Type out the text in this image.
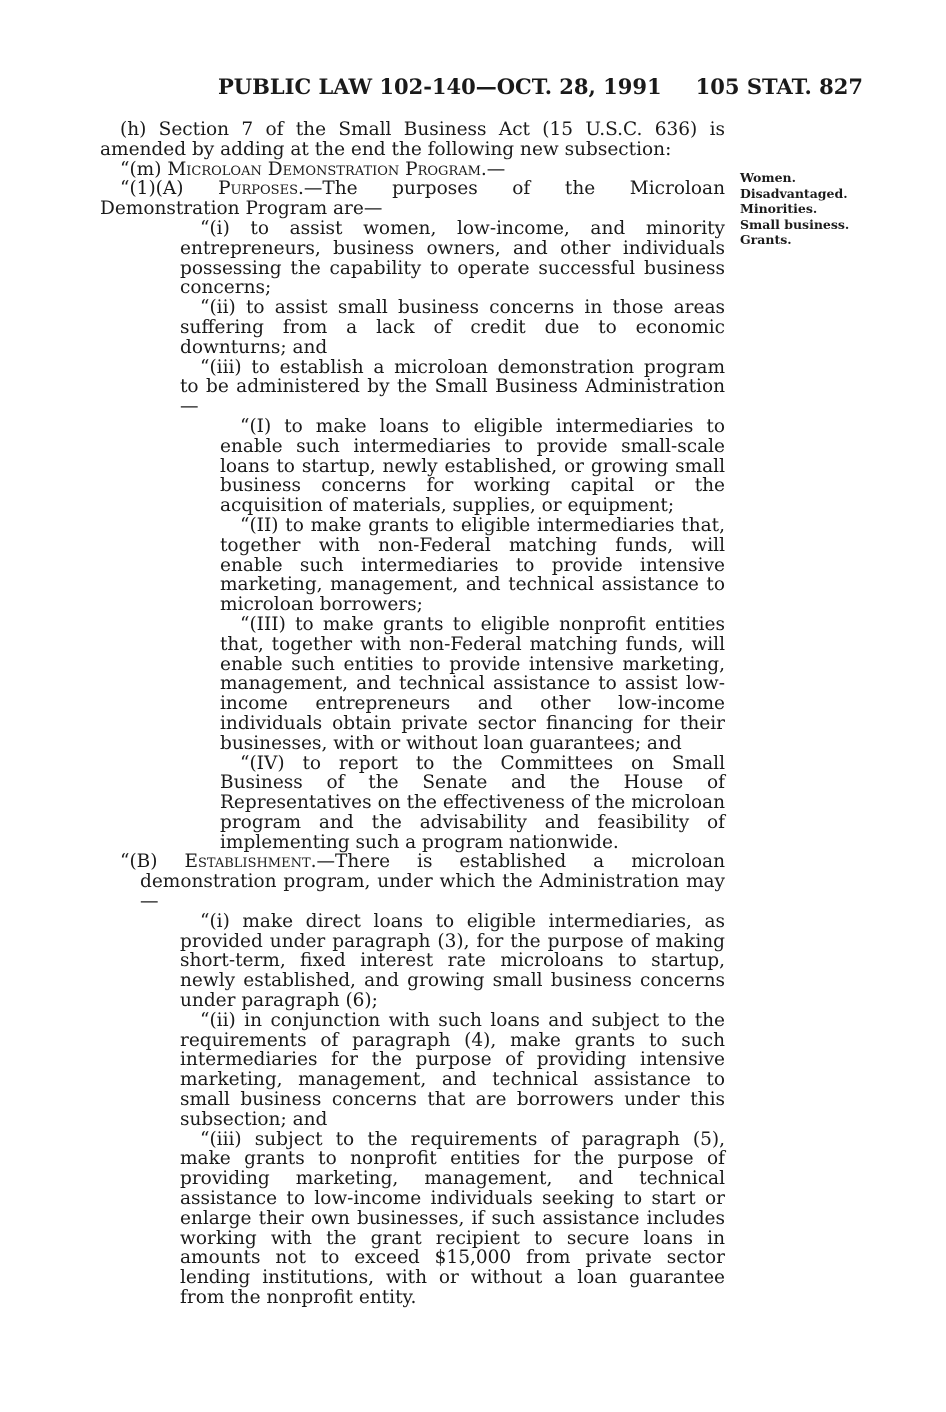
PUBLIC LAW 102-140—OCT. 28, 1991 105 STAT. 827
Women.
Disadvantaged.
Minorities.
Small business.
Grants.

(h) Section 7 of the Small Business Act (15 U.S.C. 636) is amended by adding at the end the following new subsection:

“(m) Microloan Demonstration Program.—

“(1)(A) Purposes.—The purposes of the Microloan Demonstration Program are—

“(i) to assist women, low-income, and minority entrepreneurs, business owners, and other individuals possessing the capability to operate successful business concerns;

“(ii) to assist small business concerns in those areas suffering from a lack of credit due to economic downturns; and

“(iii) to establish a microloan demonstration program to be administered by the Small Business Administration—

“(I) to make loans to eligible intermediaries to enable such intermediaries to provide small-scale loans to startup, newly established, or growing small business concerns for working capital or the acquisition of materials, supplies, or equipment;

“(II) to make grants to eligible intermediaries that, together with non-Federal matching funds, will enable such intermediaries to provide intensive marketing, management, and technical assistance to microloan borrowers;

“(III) to make grants to eligible nonprofit entities that, together with non-Federal matching funds, will enable such entities to provide intensive marketing, management, and technical assistance to assist low-income entrepreneurs and other low-income individuals obtain private sector financing for their businesses, with or without loan guarantees; and

“(IV) to report to the Committees on Small Business of the Senate and the House of Representatives on the effectiveness of the microloan program and the advisability and feasibility of implementing such a program nationwide.

“(B) Establishment.—There is established a microloan demonstration program, under which the Administration may—

“(i) make direct loans to eligible intermediaries, as provided under paragraph (3), for the purpose of making short-term, fixed interest rate microloans to startup, newly established, and growing small business concerns under paragraph (6);

“(ii) in conjunction with such loans and subject to the requirements of paragraph (4), make grants to such intermediaries for the purpose of providing intensive marketing, management, and technical assistance to small business concerns that are borrowers under this subsection; and

“(iii) subject to the requirements of paragraph (5), make grants to nonprofit entities for the purpose of providing marketing, management, and technical assistance to low-income individuals seeking to start or enlarge their own businesses, if such assistance includes working with the grant recipient to secure loans in amounts not to exceed $15,000 from private sector lending institutions, with or without a loan guarantee from the nonprofit entity.
